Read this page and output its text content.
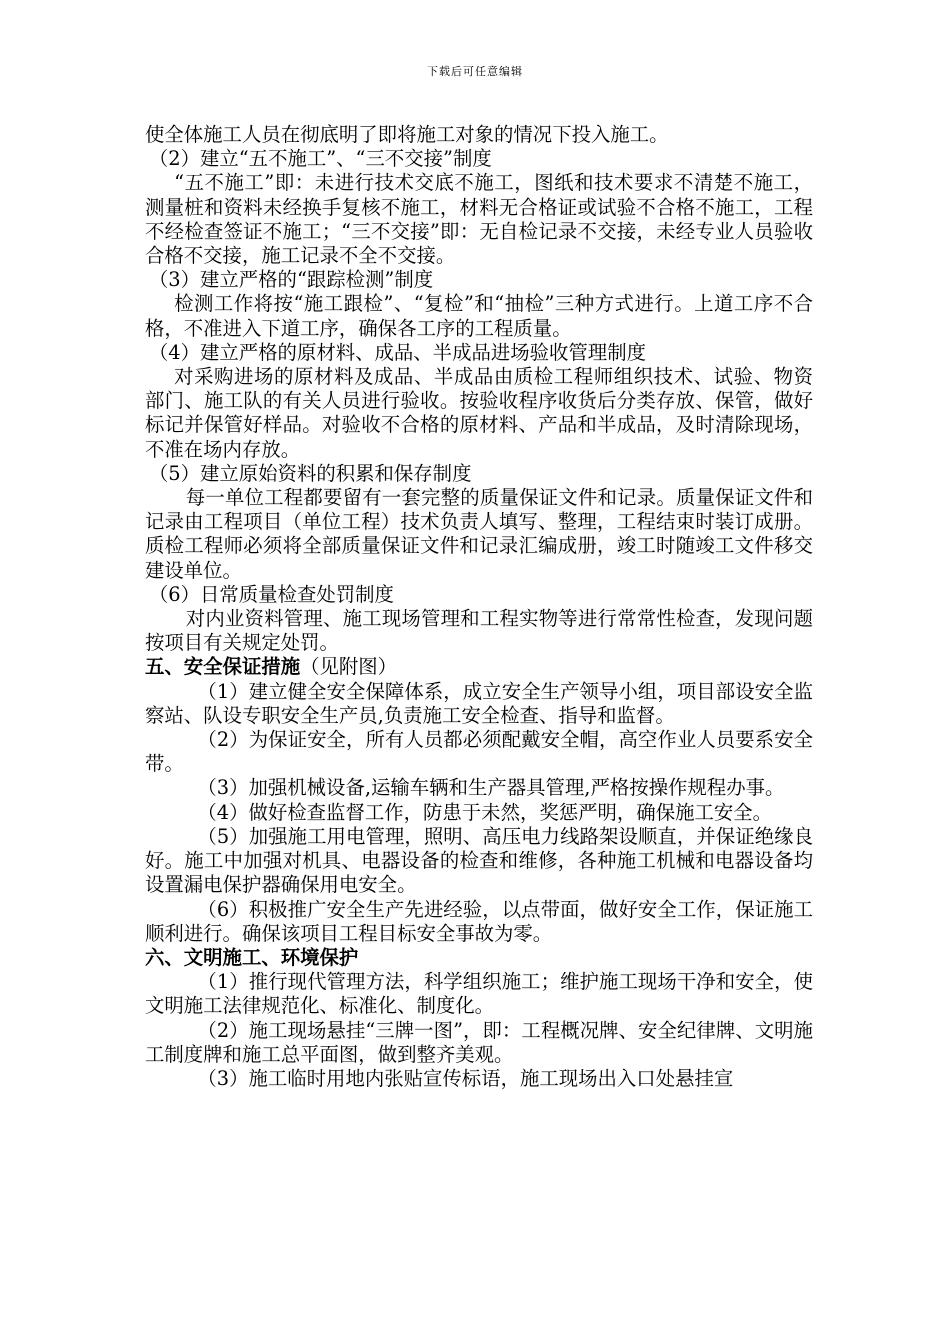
下载后可任意编辑

使全体施工人员在彻底明了即将施工对象的情况下投入施工。

（2）建立“五不施工”、“三不交接”制度

“五不施工”即：未进行技术交底不施工，图纸和技术要求不清楚不施工，测量桩和资料未经换手复核不施工，材料无合格证或试验不合格不施工，工程不经检查签证不施工；“三不交接”即：无自检记录不交接，未经专业人员验收合格不交接，施工记录不全不交接。

（3）建立严格的“跟踪检测”制度

检测工作将按“施工跟检”、“复检”和“抽检”三种方式进行。上道工序不合格，不准进入下道工序，确保各工序的工程质量。

（4）建立严格的原材料、成品、半成品进场验收管理制度

对采购进场的原材料及成品、半成品由质检工程师组织技术、试验、物资部门、施工队的有关人员进行验收。按验收程序收货后分类存放、保管，做好标记并保管好样品。对验收不合格的原材料、产品和半成品，及时清除现场，不准在场内存放。

（5）建立原始资料的积累和保存制度

每一单位工程都要留有一套完整的质量保证文件和记录。质量保证文件和记录由工程项目（单位工程）技术负责人填写、整理，工程结束时装订成册。质检工程师必须将全部质量保证文件和记录汇编成册，竣工时随竣工文件移交建设单位。

（6）日常质量检查处罚制度

对内业资料管理、施工现场管理和工程实物等进行常常性检查，发现问题按项目有关规定处罚。

五、安全保证措施（见附图）

（1）建立健全安全保障体系，成立安全生产领导小组，项目部设安全监察站、队设专职安全生产员,负责施工安全检查、指导和监督。

（2）为保证安全，所有人员都必须配戴安全帽，高空作业人员要系安全带。

（3）加强机械设备,运输车辆和生产器具管理,严格按操作规程办事。

（4）做好检查监督工作，防患于未然，奖惩严明，确保施工安全。

（5）加强施工用电管理，照明、高压电力线路架设顺直，并保证绝缘良好。施工中加强对机具、电器设备的检查和维修，各种施工机械和电器设备均设置漏电保护器确保用电安全。

（6）积极推广安全生产先进经验，以点带面，做好安全工作，保证施工顺利进行。确保该项目工程目标安全事故为零。

六、文明施工、环境保护

（1）推行现代管理方法，科学组织施工；维护施工现场干净和安全，使文明施工法律规范化、标准化、制度化。

（2）施工现场悬挂“三牌一图”，即：工程概况牌、安全纪律牌、文明施工制度牌和施工总平面图，做到整齐美观。

（3）施工临时用地内张贴宣传标语，施工现场出入口处悬挂宣
